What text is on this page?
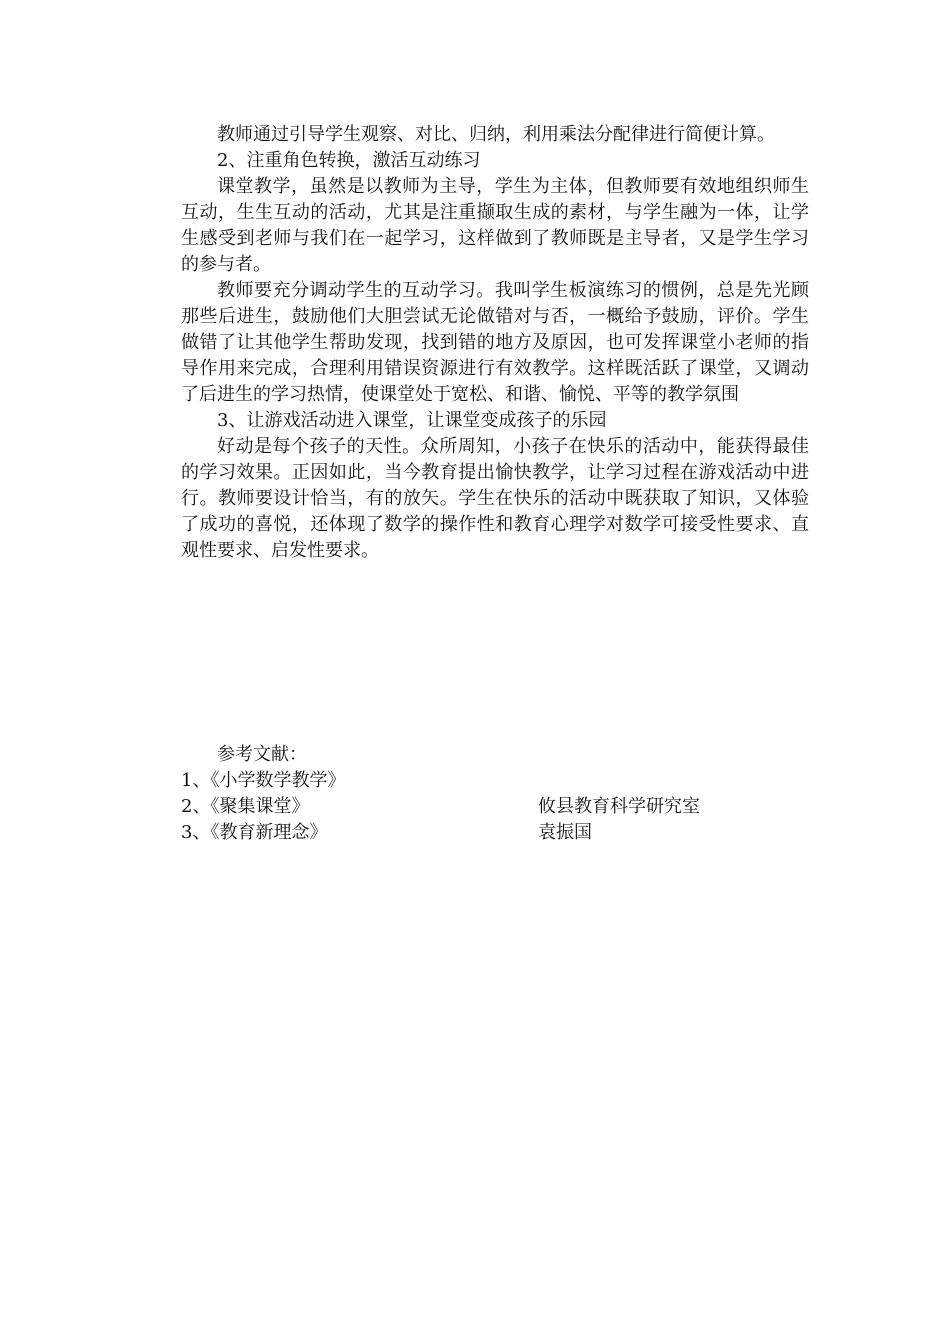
教师通过引导学生观察、对比、归纳，利用乘法分配律进行简便计算。

2、注重角色转换，激活互动练习

课堂教学，虽然是以教师为主导，学生为主体，但教师要有效地组织师生互动，生生互动的活动，尤其是注重撷取生成的素材，与学生融为一体，让学生感受到老师与我们在一起学习，这样做到了教师既是主导者，又是学生学习的参与者。

教师要充分调动学生的互动学习。我叫学生板演练习的惯例，总是先光顾那些后进生，鼓励他们大胆尝试无论做错对与否，一概给予鼓励，评价。学生做错了让其他学生帮助发现，找到错的地方及原因，也可发挥课堂小老师的指导作用来完成，合理利用错误资源进行有效教学。这样既活跃了课堂，又调动了后进生的学习热情，使课堂处于宽松、和谐、愉悦、平等的教学氛围

3、让游戏活动进入课堂，让课堂变成孩子的乐园

好动是每个孩子的天性。众所周知，小孩子在快乐的活动中，能获得最佳的学习效果。正因如此，当今教育提出愉快教学，让学习过程在游戏活动中进行。教师要设计恰当，有的放矢。学生在快乐的活动中既获取了知识，又体验了成功的喜悦，还体现了数学的操作性和教育心理学对数学可接受性要求、直观性要求、启发性要求。

参考文献：

1、《小学数学教学》
2、《聚集课堂》	攸县教育科学研究室
3、《教育新理念》	袁振国
